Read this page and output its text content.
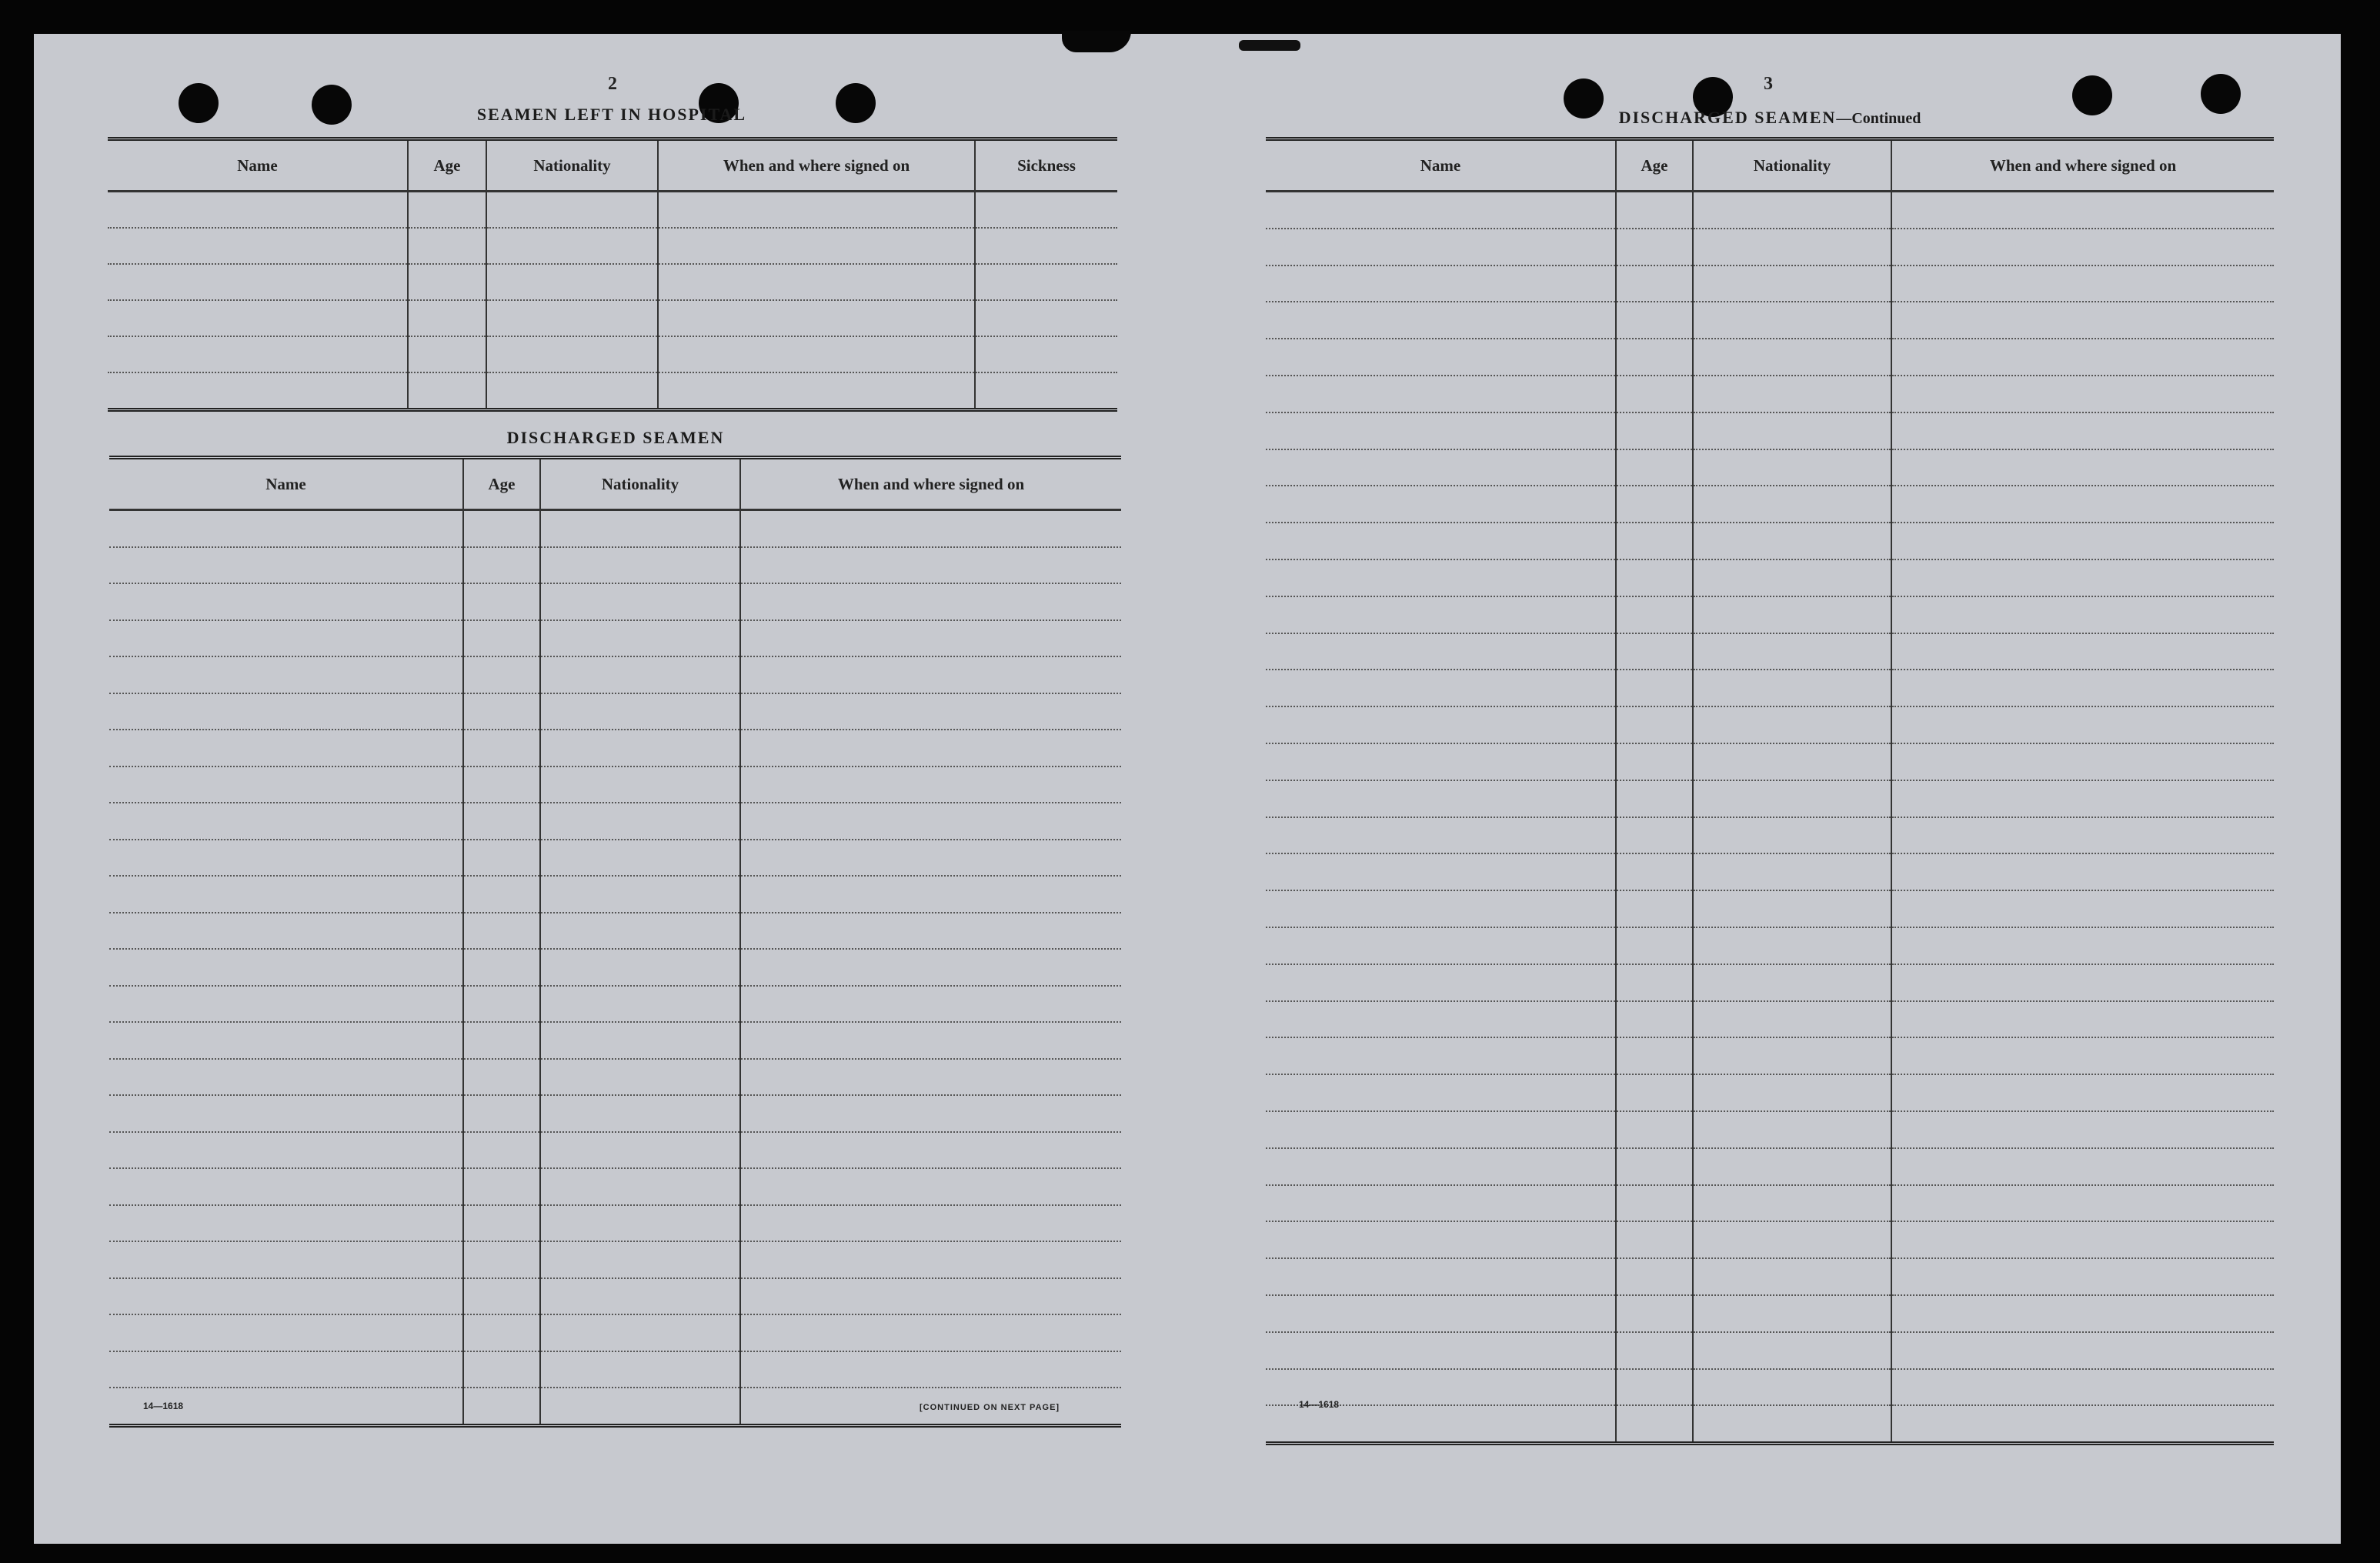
2
SEAMEN LEFT IN HOSPITAL
Name	Age	Nationality	When and where signed on	Sickness

DISCHARGED SEAMEN
Name	Age	Nationality	When and where signed on

14—1618	[CONTINUED ON NEXT PAGE]
3
DISCHARGED SEAMEN—Continued
Name	Age	Nationality	When and where signed on

14—1618
